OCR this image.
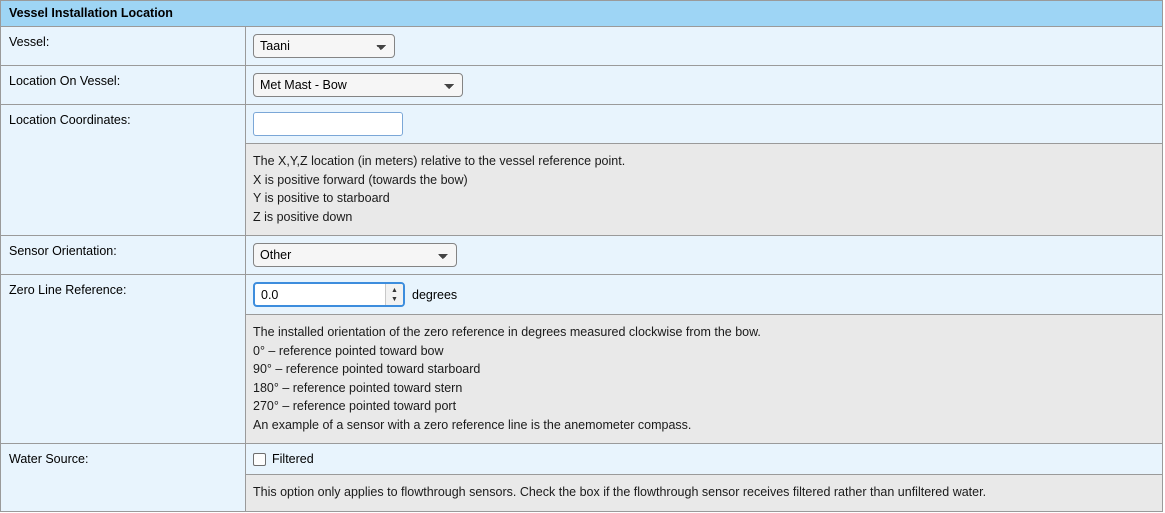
Vessel Installation Location
Vessel:
Taani
Location On Vessel:
Met Mast - Bow
Location Coordinates:
The X,Y,Z location (in meters) relative to the vessel reference point.
X is positive forward (towards the bow)
Y is positive to starboard
Z is positive down
Sensor Orientation:
Other
Zero Line Reference:
0.0	▲
▼ degrees
The installed orientation of the zero reference in degrees measured clockwise from the bow.
0° – reference pointed toward bow
90° – reference pointed toward starboard
180° – reference pointed toward stern
270° – reference pointed toward port
An example of a sensor with a zero reference line is the anemometer compass.
Water Source:	Filtered
This option only applies to flowthrough sensors. Check the box if the flowthrough sensor receives filtered rather than unfiltered water.
